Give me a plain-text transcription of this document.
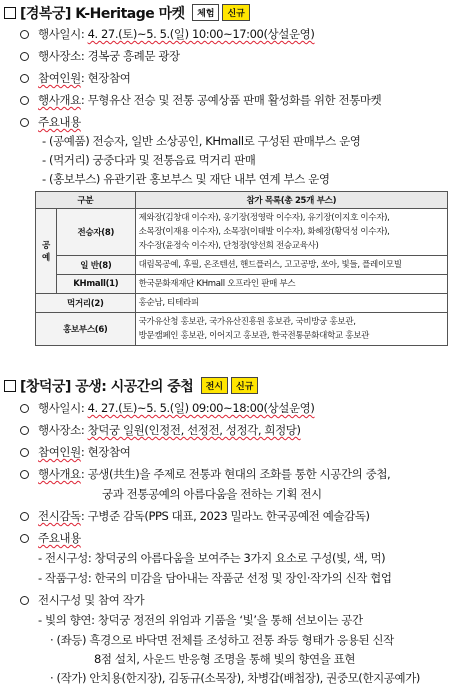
[경복궁] K-Heritage 마켓 체험 신규
행사일시: 4. 27.(토)~5. 5.(일) 10:00~17:00(상설운영)
행사장소: 경복궁 흥례문 광장
참여인원: 현장참여
행사개요: 무형유산 전승 및 전통 공예상품 판매 활성화를 위한 전통마켓
주요내용
- (공예품) 전승자, 일반 소상공인, KHmall로 구성된 판매부스 운영
- (먹거리) 궁중다과 및 전통음료 먹거리 판매
- (홍보부스) 유관기관 홍보부스 및 재단 내부 연계 부스 운영
구분		참가 목록(총 25개 부스)
공예	전승자(8)	제와장(김창대 이수자), 옹기장(정영락 이수자), 유기장(이지호 이수자),
소목장(이재용 이수자), 소목장(이태발 이수자), 화혜장(황덕성 이수자),
자수장(윤정숙 이수자), 단청장(양선희 전승교육사)

	일 반(8)	대림목공예, 후필, 온조텐션, 핸드플러스, 고고공방, 쏘아, 빛들, 플레이모빌
	KHmall(1)	한국문화재재단 KHmall 오프라인 판매 부스
먹거리(2)		홍순남, 티테라피
홍보부스(6)		국가유산청 홍보관, 국가유산진흥원 홍보관, 국비방궁 홍보관,
방문캠페인 홍보관, 이어지고 홍보관, 한국전통문화대학교 홍보관
[창덕궁] 공생: 시공간의 중첩 전시 신규
행사일시: 4. 27.(토)~5. 5.(일) 09:00~18:00(상설운영)
행사장소: 창덕궁 일원(인정전, 선정전, 성정각, 희정당)
참여인원: 현장참여
행사개요: 공생(共生)을 주제로 전통과 현대의 조화를 통한 시공간의 중첩,
궁과 전통공예의 아름다움을 전하는 기획 전시
전시감독: 구병준 감독(PPS 대표, 2023 밀라노 한국공예전 예술감독)
주요내용
- 전시구성: 창덕궁의 아름다움을 보여주는 3가지 요소로 구성(빛, 색, 먹)
- 작품구성: 한국의 미감을 담아내는 작품군 선정 및 장인·작가의 신작 협업
전시구성 및 참여 작가
- 빛의 향연: 창덕궁 정전의 위엄과 기품을 ‘빛’을 통해 선보이는 공간
· (좌등) 흑경으로 바닥면 전체를 조성하고 전통 좌등 형태가 응용된 신작
8점 설치, 사운드 반응형 조명을 통해 빛의 향연을 표현
· (작가) 안치용(한지장), 김동규(소목장), 차병갑(배첩장), 권중모(한지공예가)
